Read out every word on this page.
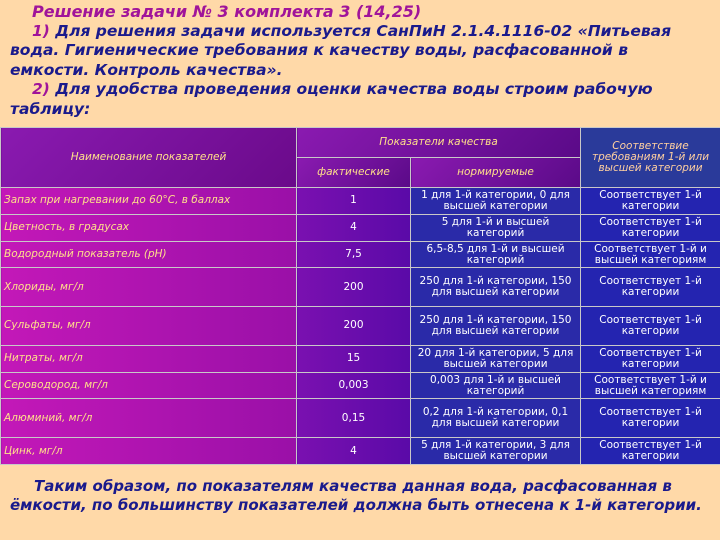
Решение задачи № 3 комплекта 3 (14,25)
1) Для решения задачи используется СанПиН 2.1.4.1116-02 «Питьевая вода. Гигиенические требования к качеству воды, расфасованной в емкости. Контроль качества».
2) Для удобства проведения оценки качества воды строим рабочую таблицу:
Наименование показателей	Показатели качества		Соответствие требованиям 1-й или высшей категории
	фактические	нормируемые	
Запах при нагревании до 60°С, в баллах	1	1 для 1-й категории, 0 для высшей категории	Соответствует 1-й категории
Цветность, в градусах	4	5 для 1-й и высшей категорий	Соответствует 1-й категории
Водородный показатель (рН)	7,5	6,5-8,5 для 1-й и высшей категорий	Соответствует 1-й и высшей категориям
Хлориды, мг/л	200	250 для 1-й категории, 150 для высшей категории	Соответствует 1-й категории
Сульфаты, мг/л	200	250 для 1-й категории, 150 для высшей категории	Соответствует 1-й категории
Нитраты, мг/л	15	20 для 1-й категории, 5 для высшей категории	Соответствует 1-й категории
Сероводород, мг/л	0,003	0,003 для 1-й и высшей категорий	Соответствует 1-й и высшей категориям
Алюминий, мг/л	0,15	0,2 для 1-й категории, 0,1 для высшей категории	Соответствует 1-й категории
Цинк, мг/л	4	5 для 1-й категории, 3 для высшей категории	Соответствует 1-й категории
Таким образом, по показателям качества данная вода, расфасованная в ёмкости, по большинству показателей должна быть отнесена к 1-й категории.
